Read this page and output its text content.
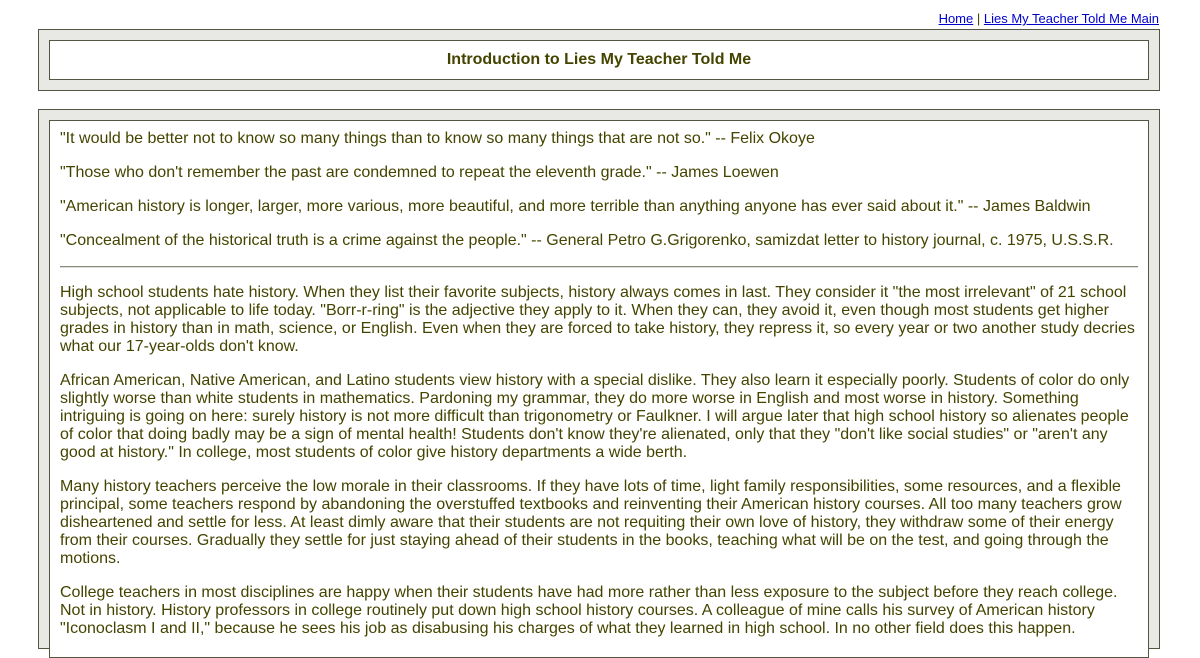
Home | Lies My Teacher Told Me Main
Introduction to Lies My Teacher Told Me

"It would be better not to know so many things than to know so many things that are not so." -- Felix Okoye

"Those who don't remember the past are condemned to repeat the eleventh grade." -- James Loewen

"American history is longer, larger, more various, more beautiful, and more terrible than anything anyone has ever said about it." -- James Baldwin

"Concealment of the historical truth is a crime against the people." -- General Petro G.Grigorenko, samizdat letter to history journal, c. 1975, U.S.S.R.

High school students hate history. When they list their favorite subjects, history always comes in last. They consider it "the most irrelevant" of 21 school subjects, not applicable to life today. "Borr-r-ring" is the adjective they apply to it. When they can, they avoid it, even though most students get higher grades in history than in math, science, or English. Even when they are forced to take history, they repress it, so every year or two another study decries what our 17-year-olds don't know.

African American, Native American, and Latino students view history with a special dislike. They also learn it especially poorly. Students of color do only slightly worse than white students in mathematics. Pardoning my grammar, they do more worse in English and most worse in history. Something intriguing is going on here: surely history is not more difficult than trigonometry or Faulkner. I will argue later that high school history so alienates people of color that doing badly may be a sign of mental health! Students don't know they're alienated, only that they "don't like social studies" or "aren't any good at history." In college, most students of color give history departments a wide berth.

Many history teachers perceive the low morale in their classrooms. If they have lots of time, light family responsibilities, some resources, and a flexible principal, some teachers respond by abandoning the overstuffed textbooks and reinventing their American history courses. All too many teachers grow disheartened and settle for less. At least dimly aware that their students are not requiting their own love of history, they withdraw some of their energy from their courses. Gradually they settle for just staying ahead of their students in the books, teaching what will be on the test, and going through the motions.

College teachers in most disciplines are happy when their students have had more rather than less exposure to the subject before they reach college. Not in history. History professors in college routinely put down high school history courses. A colleague of mine calls his survey of American history "Iconoclasm I and II," because he sees his job as disabusing his charges of what they learned in high school. In no other field does this happen.
